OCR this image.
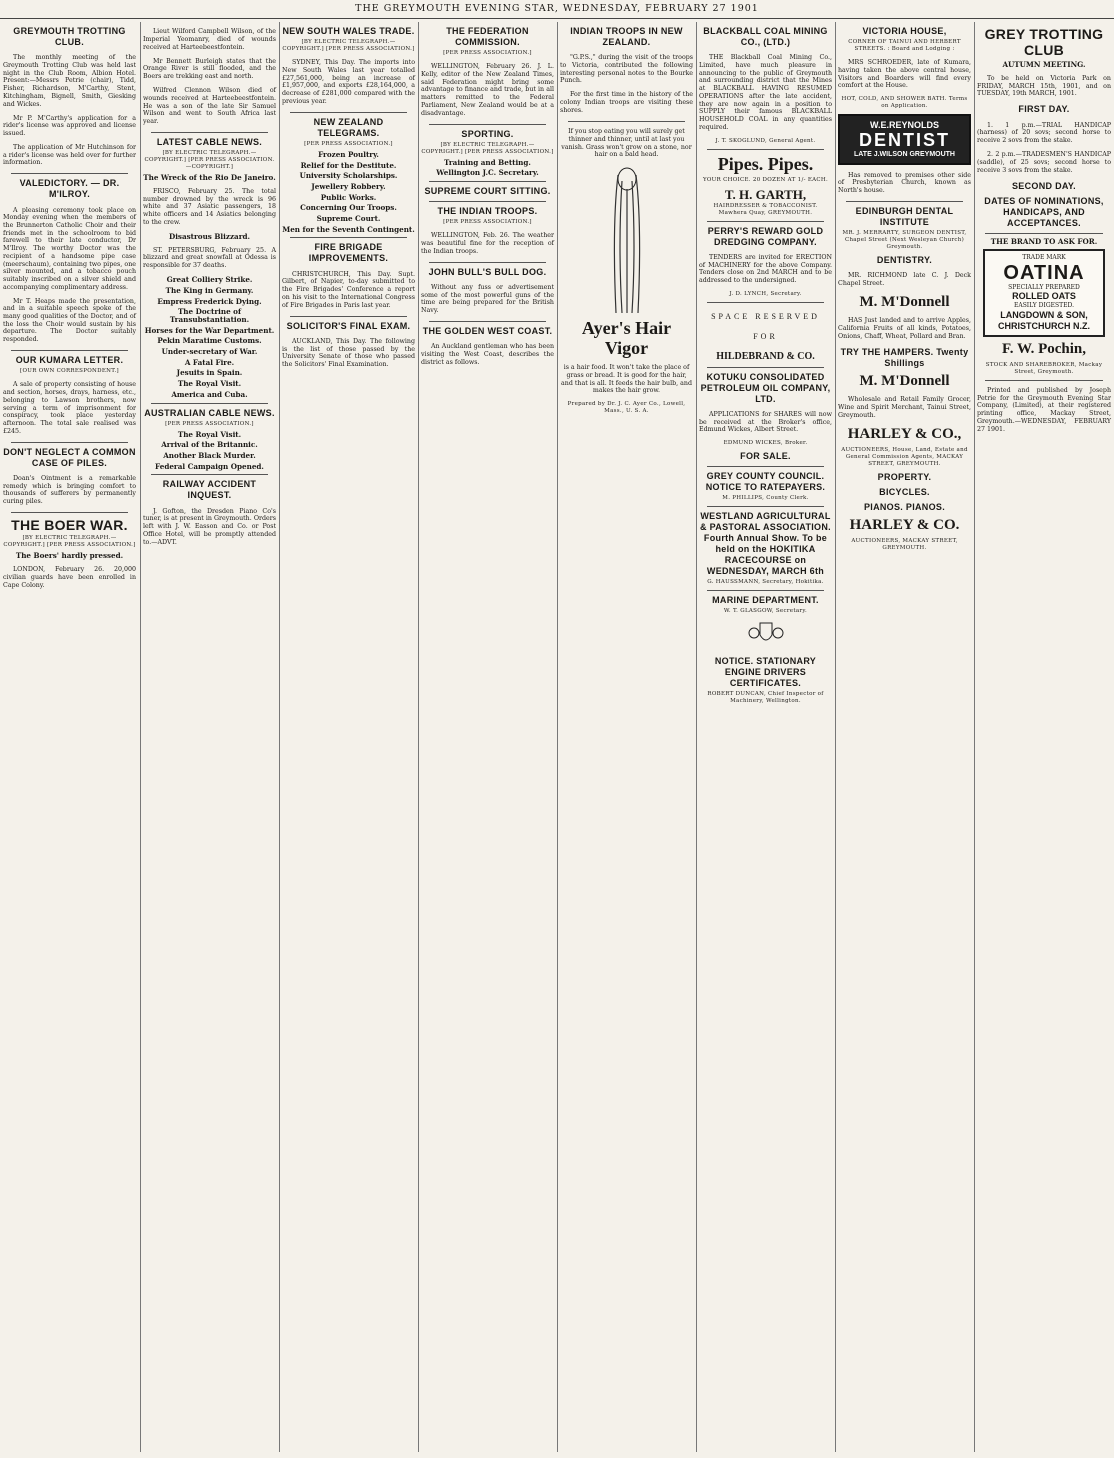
THE GREYMOUTH EVENING STAR, WEDNESDAY, FEBRUARY 27 1901
GREYMOUTH TROTTING CLUB.

The monthly meeting of the Greymouth Trotting Club was held last night in the Club Room, Albion Hotel. Present:—Messrs Petrie (chair), Tidd, Fisher, Richardson, M'Carthy, Stent, Kitchingham, Bignell, Smith, Giesking and Wickes.

Mr P. M'Carthy's application for a rider's license was approved and license issued.

The application of Mr Hutchinson for a rider's license was held over for further information.

VALEDICTORY. — DR. M'ILROY.

A pleasing ceremony took place on Monday evening when the members of the Brunnerton Catholic Choir and their friends met in the schoolroom to bid farewell to their late conductor, Dr M'Ilroy. The worthy Doctor was the recipient of a handsome pipe case (meerschaum), containing two pipes, one silver mounted, and a tobacco pouch suitably inscribed on a silver shield and accompanying complimentary address.

Mr T. Heaps made the presentation, and in a suitable speech spoke of the many good qualities of the Doctor, and of the loss the Choir would sustain by his departure. The Doctor suitably responded.

OUR KUMARA LETTER.
[OUR OWN CORRESPONDENT.]

A sale of property consisting of house and section, horses, drays, harness, etc., belonging to Lawson brothers, now serving a term of imprisonment for conspiracy, took place yesterday afternoon. The total sale realised was £245.

DON'T NEGLECT A COMMON CASE OF PILES.

Doan's Ointment is a remarkable remedy which is bringing comfort to thousands of sufferers by permanently curing piles.

THE BOER WAR.
[BY ELECTRIC TELEGRAPH.—COPYRIGHT.] [PER PRESS ASSOCIATION.]
The Boers' hardly pressed.

LONDON, February 26. 20,000 civilian guards have been enrolled in Cape Colony.

Lieut Wilford Campbell Wilson, of the Imperial Yeomanry, died of wounds received at Harteebeestfontein.

Mr Bennett Burleigh states that the Orange River is still flooded, and the Boers are trekking east and north.

Wilfred Clennon Wilson died of wounds received at Harteebeestfontein. He was a son of the late Sir Samuel Wilson and went to South Africa last year.

LATEST CABLE NEWS.
[BY ELECTRIC TELEGRAPH.—COPYRIGHT.] [PER PRESS ASSOCIATION.—COPYRIGHT.]
The Wreck of the Rio De Janeiro.

FRISCO, February 25. The total number drowned by the wreck is 96 white and 37 Asiatic passengers, 18 white officers and 14 Asiatics belonging to the crew.

Disastrous Blizzard.

ST. PETERSBURG, February 25. A blizzard and great snowfall at Odessa is responsible for 37 deaths.

Great Colliery Strike.
The King in Germany.
Empress Frederick Dying.
The Doctrine of Transubstantiation.
Horses for the War Department.
Pekin Maratime Customs.
Under-secretary of War.
A Fatal Fire.
Jesuits in Spain.
The Royal Visit.
America and Cuba.
AUSTRALIAN CABLE NEWS.
[PER PRESS ASSOCIATION.]
The Royal Visit.
Arrival of the Britannic.
Another Black Murder.
Federal Campaign Opened.
RAILWAY ACCIDENT INQUEST.

J. Gofton, the Dresden Piano Co's tuner, is at present in Greymouth. Orders left with J. W. Easson and Co. or Post Office Hotel, will be promptly attended to.—ADVT.

NEW SOUTH WALES TRADE.
[BY ELECTRIC TELEGRAPH.—COPYRIGHT.] [PER PRESS ASSOCIATION.]

SYDNEY, This Day. The imports into New South Wales last year totalled £27,561,000, being an increase of £1,957,000, and exports £28,164,000, a decrease of £281,000 compared with the previous year.

NEW ZEALAND TELEGRAMS.
[PER PRESS ASSOCIATION.]
Frozen Poultry.
Relief for the Destitute.
University Scholarships.
Jewellery Robbery.
Public Works.
Concerning Our Troops.
Supreme Court.
Men for the Seventh Contingent.
FIRE BRIGADE IMPROVEMENTS.

CHRISTCHURCH, This Day. Supt. Gilbert, of Napier, to-day submitted to the Fire Brigades' Conference a report on his visit to the International Congress of Fire Brigades in Paris last year.

SOLICITOR'S FINAL EXAM.

AUCKLAND, This Day. The following is the list of those passed by the University Senate of those who passed the Solicitors' Final Examination.

THE FEDERATION COMMISSION.
[PER PRESS ASSOCIATION.]

WELLINGTON, February 26. J. L. Kelly, editor of the New Zealand Times, said Federation might bring some advantage to finance and trade, but in all matters remitted to the Federal Parliament, New Zealand would be at a disadvantage.

SPORTING.
[BY ELECTRIC TELEGRAPH.—COPYRIGHT.] [PER PRESS ASSOCIATION.]
Training and Betting.
Wellington J.C. Secretary.
SUPREME COURT SITTING.
THE INDIAN TROOPS.
[PER PRESS ASSOCIATION.]

WELLINGTON, Feb. 26. The weather was beautiful fine for the reception of the Indian troops.

JOHN BULL'S BULL DOG.

Without any fuss or advertisement some of the most powerful guns of the time are being prepared for the British Navy.

THE GOLDEN WEST COAST.

An Auckland gentleman who has been visiting the West Coast, describes the district as follows.

INDIAN TROOPS IN NEW ZEALAND.

"G.P.S.," during the visit of the troops to Victoria, contributed the following interesting personal notes to the Bourke Punch.

For the first time in the history of the colony Indian troops are visiting these shores.

If you stop eating you will surely get thinner and thinner, until at last you vanish. Grass won't grow on a stone, nor hair on a bald head.

Ayer's Hair Vigor

is a hair food. It won't take the place of grass or bread. It is good for the hair, and that is all. It feeds the hair bulb, and makes the hair grow.

Prepared by Dr. J. C. Ayer Co., Lowell, Mass., U. S. A.
BLACKBALL COAL MINING CO., (LTD.)

THE Blackball Coal Mining Co., Limited, have much pleasure in announcing to the public of Greymouth and surrounding district that the Mines at BLACKBALL HAVING RESUMED OPERATIONS after the late accident, they are now again in a position to SUPPLY their famous BLACKBALL HOUSEHOLD COAL in any quantities required.

J. T. SKOGLUND, General Agent.
Pipes. Pipes.
YOUR CHOICE. 20 DOZEN AT 1/- EACH.
T. H. GARTH,
HAIRDRESSER & TOBACCONIST. Mawhera Quay, GREYMOUTH.
PERRY'S REWARD GOLD DREDGING COMPANY.

TENDERS are invited for ERECTION of MACHINERY for the above Company. Tenders close on 2nd MARCH and to be addressed to the undersigned.

J. D. LYNCH, Secretary.
SPACE RESERVED FOR
HILDEBRAND & CO.
KOTUKU CONSOLIDATED PETROLEUM OIL COMPANY, LTD.

APPLICATIONS for SHARES will now be received at the Broker's office, Edmund Wickes, Albert Street.

EDMUND WICKES, Broker.
FOR SALE.
GREY COUNTY COUNCIL. NOTICE TO RATEPAYERS.
M. PHILLIPS, County Clerk.
WESTLAND AGRICULTURAL & PASTORAL ASSOCIATION. Fourth Annual Show. To be held on the HOKITIKA RACECOURSE on WEDNESDAY, MARCH 6th
G. HAUSSMANN, Secretary, Hokitika.
MARINE DEPARTMENT.
W. T. GLASGOW, Secretary.
NOTICE. STATIONARY ENGINE DRIVERS CERTIFICATES.
ROBERT DUNCAN, Chief Inspector of Machinery, Wellington.
VICTORIA HOUSE,
CORNER OF TAINUI AND HERBERT STREETS. : Board and Lodging :

MRS SCHROEDER, late of Kumara, having taken the above central house, Visitors and Boarders will find every comfort at the House.

HOT, COLD, AND SHOWER BATH. Terms on Application.
W.E.REYNOLDS
DENTIST
LATE J.WILSON GREYMOUTH

Has removed to premises other side of Presbyterian Church, known as North's house.

EDINBURGH DENTAL INSTITUTE
MR. J. MERRARTY, SURGEON DENTIST, Chapel Street (Next Wesleyan Church) Greymouth.
DENTISTRY.

MR. RICHMOND late C. J. Deck Chapel Street.

M. M'Donnell

HAS Just landed and to arrive Apples, California Fruits of all kinds, Potatoes, Onions, Chaff, Wheat, Pollard and Bran.

TRY THE HAMPERS. Twenty Shillings
M. M'Donnell

Wholesale and Retail Family Grocer, Wine and Spirit Merchant, Tainui Street, Greymouth.

HARLEY & CO.,
AUCTIONEERS, House, Land, Estate and General Commission Agents, MACKAY STREET, GREYMOUTH.
PROPERTY.
BICYCLES.
PIANOS. PIANOS.
HARLEY & CO.
AUCTIONEERS, MACKAY STREET, GREYMOUTH.
GREY TROTTING CLUB
AUTUMN MEETING.

To be held on Victoria Park on FRIDAY, MARCH 15th, 1901, and on TUESDAY, 19th MARCH, 1901.

FIRST DAY.

1. 1 p.m.—TRIAL HANDICAP (harness) of 20 sovs; second horse to receive 2 sovs from the stake.

2. 2 p.m.—TRADESMEN'S HANDICAP (saddle), of 25 sovs; second horse to receive 3 sovs from the stake.

SECOND DAY.
DATES OF NOMINATIONS, HANDICAPS, AND ACCEPTANCES.
THE BRAND TO ASK FOR.
TRADE MARK
OATINA
SPECIALLY PREPARED
ROLLED OATS
EASILY DIGESTED.
LANGDOWN & SON, CHRISTCHURCH N.Z.
F. W. Pochin,
STOCK AND SHAREBROKER, Mackay Street, Greymouth.

Printed and published by Joseph Petrie for the Greymouth Evening Star Company, (Limited), at their registered printing office, Mackay Street, Greymouth.—WEDNESDAY, FEBRUARY 27 1901.
